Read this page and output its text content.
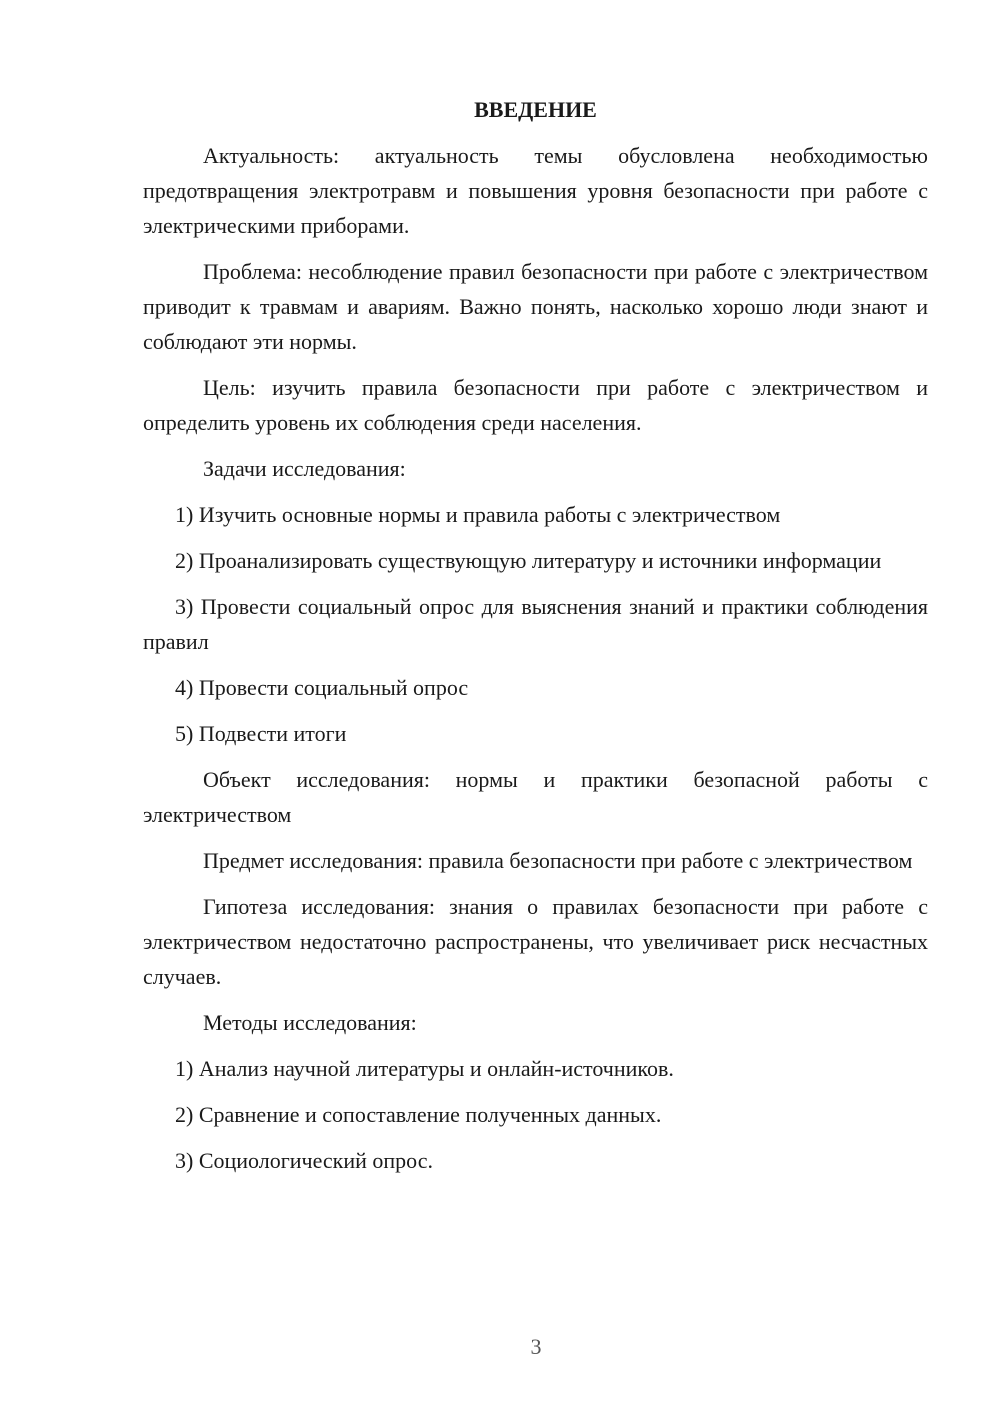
ВВЕДЕНИЕ

Актуальность: актуальность темы обусловлена необходимостью предотвращения электротравм и повышения уровня безопасности при работе с электрическими приборами.

Проблема: несоблюдение правил безопасности при работе с электричеством приводит к травмам и авариям. Важно понять, насколько хорошо люди знают и соблюдают эти нормы.

Цель: изучить правила безопасности при работе с электричеством и определить уровень их соблюдения среди населения.

Задачи исследования:

1) Изучить основные нормы и правила работы с электричеством

2) Проанализировать существующую литературу и источники информации

3) Провести социальный опрос для выяснения знаний и практики соблюдения правил

4) Провести социальный опрос

5) Подвести итоги

Объект исследования: нормы и практики безопасной работы с электричеством

Предмет исследования: правила безопасности при работе с электричеством

Гипотеза исследования: знания о правилах безопасности при работе с электричеством недостаточно распространены, что увеличивает риск несчастных случаев.

Методы исследования:

1) Анализ научной литературы и онлайн-источников.

2) Сравнение и сопоставление полученных данных.

3) Социологический опрос.

3
